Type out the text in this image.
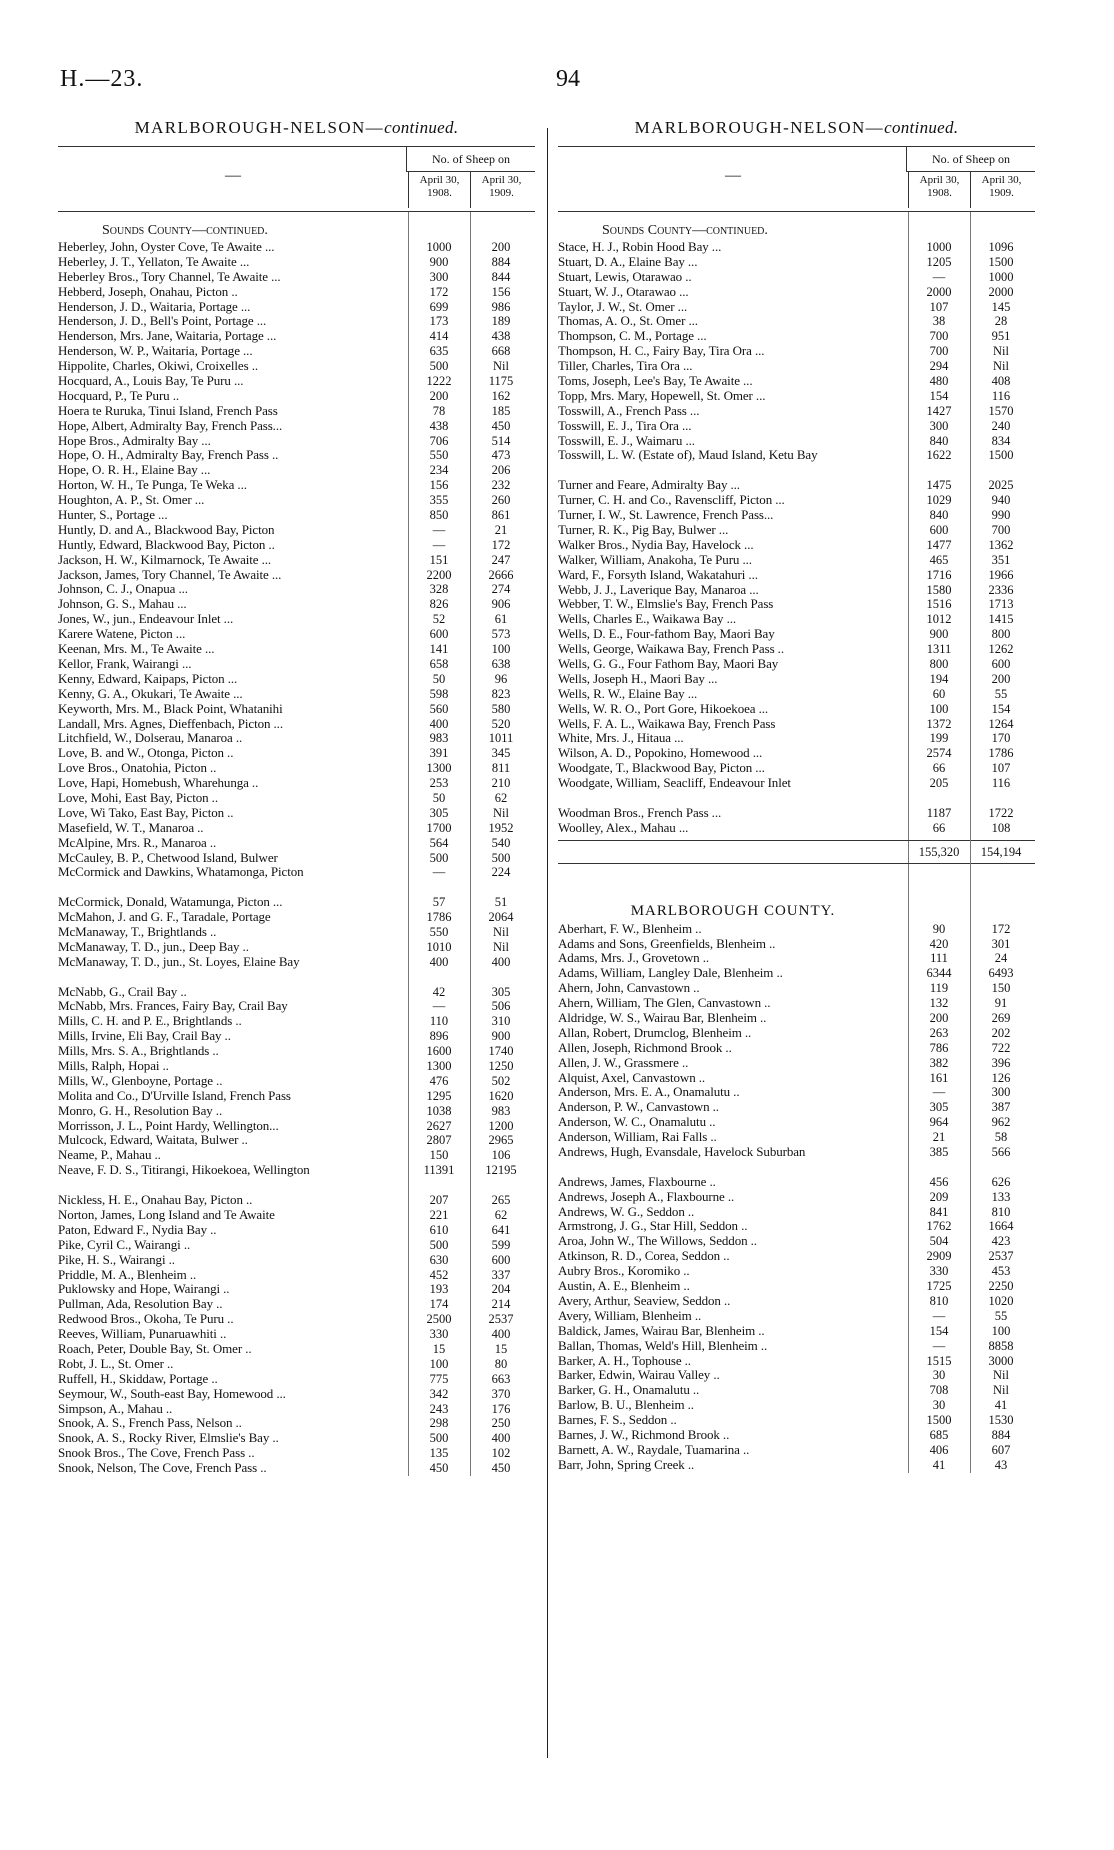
H.—23.	94
MARLBOROUGH-NELSON—continued.
—
No. of Sheep on
April 30, 1908.
April 30, 1909.
Sounds County—continued.
Heberley, John, Oyster Cove, Te Awaite ...	1000	200
Heberley, J. T., Yellaton, Te Awaite ...	900	884
Heberley Bros., Tory Channel, Te Awaite ...	300	844
Hebberd, Joseph, Onahau, Picton ..	172	156
Henderson, J. D., Waitaria, Portage ...	699	986
Henderson, J. D., Bell's Point, Portage ...	173	189
Henderson, Mrs. Jane, Waitaria, Portage ...	414	438
Henderson, W. P., Waitaria, Portage ...	635	668
Hippolite, Charles, Okiwi, Croixelles ..	500	Nil
Hocquard, A., Louis Bay, Te Puru ...	1222	1175
Hocquard, P., Te Puru ..	200	162
Hoera te Ruruka, Tinui Island, French Pass	78	185
Hope, Albert, Admiralty Bay, French Pass...	438	450
Hope Bros., Admiralty Bay ...	706	514
Hope, O. H., Admiralty Bay, French Pass ..	550	473
Hope, O. R. H., Elaine Bay ...	234	206
Horton, W. H., Te Punga, Te Weka ...	156	232
Houghton, A. P., St. Omer ...	355	260
Hunter, S., Portage ...	850	861
Huntly, D. and A., Blackwood Bay, Picton	—	21
Huntly, Edward, Blackwood Bay, Picton ..	—	172
Jackson, H. W., Kilmarnock, Te Awaite ...	151	247
Jackson, James, Tory Channel, Te Awaite ...	2200	2666
Johnson, C. J., Onapua ...	328	274
Johnson, G. S., Mahau ...	826	906
Jones, W., jun., Endeavour Inlet ...	52	61
Karere Watene, Picton ...	600	573
Keenan, Mrs. M., Te Awaite ...	141	100
Kellor, Frank, Wairangi ...	658	638
Kenny, Edward, Kaipaps, Picton ...	50	96
Kenny, G. A., Okukari, Te Awaite ...	598	823
Keyworth, Mrs. M., Black Point, Whatanihi	560	580
Landall, Mrs. Agnes, Dieffenbach, Picton ...	400	520
Litchfield, W., Dolserau, Manaroa ..	983	1011
Love, B. and W., Otonga, Picton ..	391	345
Love Bros., Onatohia, Picton ..	1300	811
Love, Hapi, Homebush, Wharehunga ..	253	210
Love, Mohi, East Bay, Picton ..	50	62
Love, Wi Tako, East Bay, Picton ..	305	Nil
Masefield, W. T., Manaroa ..	1700	1952
McAlpine, Mrs. R., Manaroa ..	564	540
McCauley, B. P., Chetwood Island, Bulwer	500	500
McCormick and Dawkins, Whatamonga, Picton	—	224
McCormick, Donald, Watamunga, Picton ...	57	51
McMahon, J. and G. F., Taradale, Portage	1786	2064
McManaway, T., Brightlands ..	550	Nil
McManaway, T. D., jun., Deep Bay ..	1010	Nil
McManaway, T. D., jun., St. Loyes, Elaine Bay	400	400
McNabb, G., Crail Bay ..	42	305
McNabb, Mrs. Frances, Fairy Bay, Crail Bay	—	506
Mills, C. H. and P. E., Brightlands ..	110	310
Mills, Irvine, Eli Bay, Crail Bay ..	896	900
Mills, Mrs. S. A., Brightlands ..	1600	1740
Mills, Ralph, Hopai ..	1300	1250
Mills, W., Glenboyne, Portage ..	476	502
Molita and Co., D'Urville Island, French Pass	1295	1620
Monro, G. H., Resolution Bay ..	1038	983
Morrisson, J. L., Point Hardy, Wellington...	2627	1200
Mulcock, Edward, Waitata, Bulwer ..	2807	2965
Neame, P., Mahau ..	150	106
Neave, F. D. S., Titirangi, Hikoekoea, Wellington	11391	12195
Nickless, H. E., Onahau Bay, Picton ..	207	265
Norton, James, Long Island and Te Awaite	221	62
Paton, Edward F., Nydia Bay ..	610	641
Pike, Cyril C., Wairangi ..	500	599
Pike, H. S., Wairangi ..	630	600
Priddle, M. A., Blenheim ..	452	337
Puklowsky and Hope, Wairangi ..	193	204
Pullman, Ada, Resolution Bay ..	174	214
Redwood Bros., Okoha, Te Puru ..	2500	2537
Reeves, William, Punaruawhiti ..	330	400
Roach, Peter, Double Bay, St. Omer ..	15	15
Robt, J. L., St. Omer ..	100	80
Ruffell, H., Skiddaw, Portage ..	775	663
Seymour, W., South-east Bay, Homewood ...	342	370
Simpson, A., Mahau ..	243	176
Snook, A. S., French Pass, Nelson ..	298	250
Snook, A. S., Rocky River, Elmslie's Bay ..	500	400
Snook Bros., The Cove, French Pass ..	135	102
Snook, Nelson, The Cove, French Pass ..	450	450
MARLBOROUGH-NELSON—continued.
—
No. of Sheep on
April 30, 1908.
April 30, 1909.
Sounds County—continued.
Stace, H. J., Robin Hood Bay ...	1000	1096
Stuart, D. A., Elaine Bay ...	1205	1500
Stuart, Lewis, Otarawao ..	—	1000
Stuart, W. J., Otarawao ...	2000	2000
Taylor, J. W., St. Omer ...	107	145
Thomas, A. O., St. Omer ...	38	28
Thompson, C. M., Portage ...	700	951
Thompson, H. C., Fairy Bay, Tira Ora ...	700	Nil
Tiller, Charles, Tira Ora ...	294	Nil
Toms, Joseph, Lee's Bay, Te Awaite ...	480	408
Topp, Mrs. Mary, Hopewell, St. Omer ...	154	116
Tosswill, A., French Pass ...	1427	1570
Tosswill, E. J., Tira Ora ...	300	240
Tosswill, E. J., Waimaru ...	840	834
Tosswill, L. W. (Estate of), Maud Island, Ketu Bay	1622	1500
Turner and Feare, Admiralty Bay ...	1475	2025
Turner, C. H. and Co., Ravenscliff, Picton ...	1029	940
Turner, I. W., St. Lawrence, French Pass...	840	990
Turner, R. K., Pig Bay, Bulwer ...	600	700
Walker Bros., Nydia Bay, Havelock ...	1477	1362
Walker, William, Anakoha, Te Puru ...	465	351
Ward, F., Forsyth Island, Wakatahuri ...	1716	1966
Webb, J. J., Laverique Bay, Manaroa ...	1580	2336
Webber, T. W., Elmslie's Bay, French Pass	1516	1713
Wells, Charles E., Waikawa Bay ...	1012	1415
Wells, D. E., Four-fathom Bay, Maori Bay	900	800
Wells, George, Waikawa Bay, French Pass ..	1311	1262
Wells, G. G., Four Fathom Bay, Maori Bay	800	600
Wells, Joseph H., Maori Bay ...	194	200
Wells, R. W., Elaine Bay ...	60	55
Wells, W. R. O., Port Gore, Hikoekoea ...	100	154
Wells, F. A. L., Waikawa Bay, French Pass	1372	1264
White, Mrs. J., Hitaua ...	199	170
Wilson, A. D., Popokino, Homewood ...	2574	1786
Woodgate, T., Blackwood Bay, Picton ...	66	107
Woodgate, William, Seacliff, Endeavour Inlet	205	116
Woodman Bros., French Pass ...	1187	1722
Woolley, Alex., Mahau ...	66	108
155,320	154,194
MARLBOROUGH COUNTY.
Aberhart, F. W., Blenheim ..	90	172
Adams and Sons, Greenfields, Blenheim ..	420	301
Adams, Mrs. J., Grovetown ..	111	24
Adams, William, Langley Dale, Blenheim ..	6344	6493
Ahern, John, Canvastown ..	119	150
Ahern, William, The Glen, Canvastown ..	132	91
Aldridge, W. S., Wairau Bar, Blenheim ..	200	269
Allan, Robert, Drumclog, Blenheim ..	263	202
Allen, Joseph, Richmond Brook ..	786	722
Allen, J. W., Grassmere ..	382	396
Alquist, Axel, Canvastown ..	161	126
Anderson, Mrs. E. A., Onamalutu ..	—	300
Anderson, P. W., Canvastown ..	305	387
Anderson, W. C., Onamalutu ..	964	962
Anderson, William, Rai Falls ..	21	58
Andrews, Hugh, Evansdale, Havelock Suburban	385	566
Andrews, James, Flaxbourne ..	456	626
Andrews, Joseph A., Flaxbourne ..	209	133
Andrews, W. G., Seddon ..	841	810
Armstrong, J. G., Star Hill, Seddon ..	1762	1664
Aroa, John W., The Willows, Seddon ..	504	423
Atkinson, R. D., Corea, Seddon ..	2909	2537
Aubry Bros., Koromiko ..	330	453
Austin, A. E., Blenheim ..	1725	2250
Avery, Arthur, Seaview, Seddon ..	810	1020
Avery, William, Blenheim ..	—	55
Baldick, James, Wairau Bar, Blenheim ..	154	100
Ballan, Thomas, Weld's Hill, Blenheim ..	—	8858
Barker, A. H., Tophouse ..	1515	3000
Barker, Edwin, Wairau Valley ..	30	Nil
Barker, G. H., Onamalutu ..	708	Nil
Barlow, B. U., Blenheim ..	30	41
Barnes, F. S., Seddon ..	1500	1530
Barnes, J. W., Richmond Brook ..	685	884
Barnett, A. W., Raydale, Tuamarina ..	406	607
Barr, John, Spring Creek ..	41	43
